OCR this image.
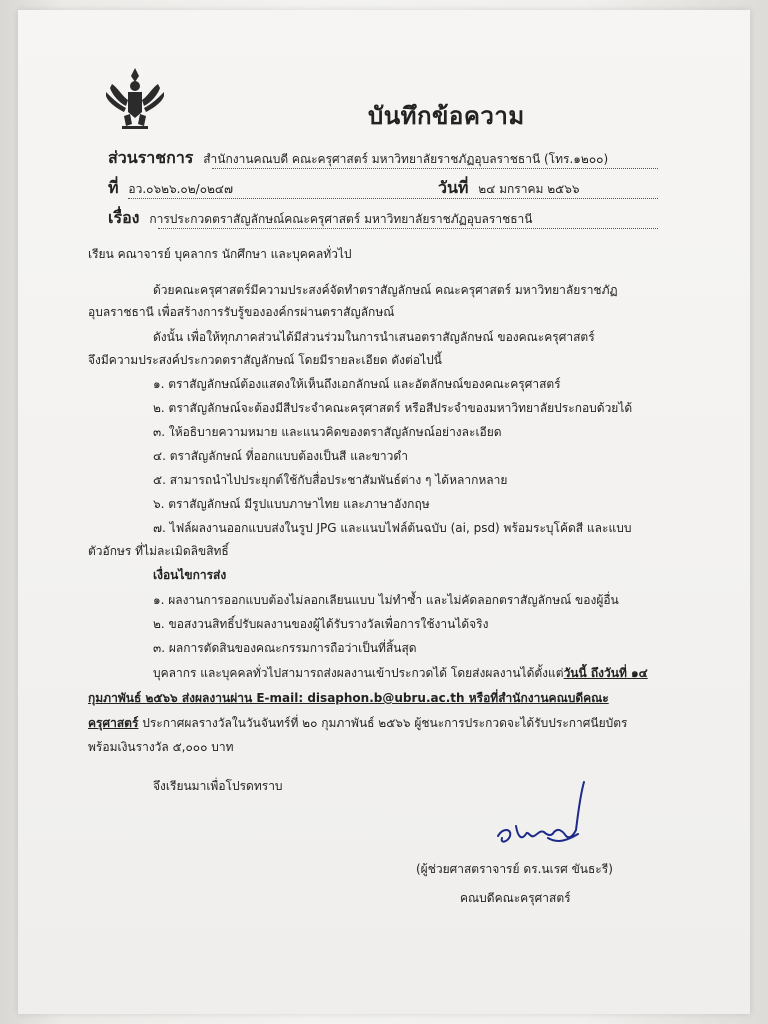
บันทึกข้อความ
ส่วนราชการ สำนักงานคณบดี คณะครุศาสตร์ มหาวิทยาลัยราชภัฏอุบลราชธานี (โทร.๑๒๐๐)
ที่ อว.๐๖๒๖.๐๒/๐๒๔๗	วันที่ ๒๔ มกราคม ๒๕๖๖
เรื่อง การประกวดตราสัญลักษณ์คณะครุศาสตร์ มหาวิทยาลัยราชภัฏอุบลราชธานี
เรียน คณาจารย์ บุคลากร นักศึกษา และบุคคลทั่วไป
ด้วยคณะครุศาสตร์มีความประสงค์จัดทำตราสัญลักษณ์ คณะครุศาสตร์ มหาวิทยาลัยราชภัฏ
อุบลราชธานี เพื่อสร้างการรับรู้ขององค์กรผ่านตราสัญลักษณ์
ดังนั้น เพื่อให้ทุกภาคส่วนได้มีส่วนร่วมในการนำเสนอตราสัญลักษณ์ ของคณะครุศาสตร์
จึงมีความประสงค์ประกวดตราสัญลักษณ์ โดยมีรายละเอียด ดังต่อไปนี้
๑. ตราสัญลักษณ์ต้องแสดงให้เห็นถึงเอกลักษณ์ และอัตลักษณ์ของคณะครุศาสตร์
๒. ตราสัญลักษณ์จะต้องมีสีประจำคณะครุศาสตร์ หรือสีประจำของมหาวิทยาลัยประกอบด้วยได้
๓. ให้อธิบายความหมาย และแนวคิดของตราสัญลักษณ์อย่างละเอียด
๔. ตราสัญลักษณ์ ที่ออกแบบต้องเป็นสี และขาวดำ
๕. สามารถนำไปประยุกต์ใช้กับสื่อประชาสัมพันธ์ต่าง ๆ ได้หลากหลาย
๖. ตราสัญลักษณ์ มีรูปแบบภาษาไทย และภาษาอังกฤษ
๗. ไฟล์ผลงานออกแบบส่งในรูป JPG และแนบไฟล์ต้นฉบับ (ai, psd) พร้อมระบุโค้ดสี และแบบ
ตัวอักษร ที่ไม่ละเมิดลิขสิทธิ์
เงื่อนไขการส่ง
๑. ผลงานการออกแบบต้องไม่ลอกเลียนแบบ ไม่ทำซ้ำ และไม่คัดลอกตราสัญลักษณ์ ของผู้อื่น
๒. ขอสงวนสิทธิ์ปรับผลงานของผู้ได้รับรางวัลเพื่อการใช้งานได้จริง
๓. ผลการตัดสินของคณะกรรมการถือว่าเป็นที่สิ้นสุด
บุคลากร และบุคคลทั่วไปสามารถส่งผลงานเข้าประกวดได้ โดยส่งผลงานได้ตั้งแต่วันนี้ ถึงวันที่ ๑๔
กุมภาพันธ์ ๒๕๖๖ ส่งผลงานผ่าน E-mail: disaphon.b@ubru.ac.th หรือที่สำนักงานคณบดีคณะ
ครุศาสตร์ ประกาศผลรางวัลในวันจันทร์ที่ ๒๐ กุมภาพันธ์ ๒๕๖๖ ผู้ชนะการประกวดจะได้รับประกาศนียบัตร
พร้อมเงินรางวัล ๕,๐๐๐ บาท
จึงเรียนมาเพื่อโปรดทราบ
(ผู้ช่วยศาสตราจารย์ ดร.นเรศ ขันธะรี)
คณบดีคณะครุศาสตร์
